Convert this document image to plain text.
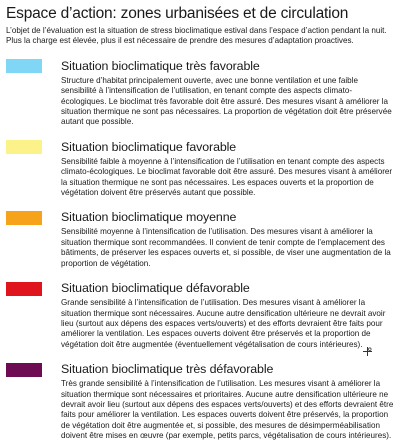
Espace d’action: zones urbanisées et de circulation
L’objet de l’évaluation est la situation de stress bioclimatique estival dans l’espace d’action pendant la nuit. Plus la charge est élevée, plus il est nécessaire de prendre des mesures d’adaptation proactives.
Situation bioclimatique très favorable
Structure d’habitat principalement ouverte, avec une bonne ventilation et une faible sensibilité à l’intensification de l’utilisation, en tenant compte des aspects climato-écologiques. Le bioclimat très favorable doit être assuré. Des mesures visant à améliorer la situation thermique ne sont pas nécessaires. La proportion de végétation doit être préservée autant que possible.
Situation bioclimatique favorable
Sensibilité faible à moyenne à l’intensification de l’utilisation en tenant compte des aspects climato-écologiques. Le bioclimat favorable doit être assuré. Des mesures visant à améliorer la situation thermique ne sont pas nécessaires. Les espaces ouverts et la proportion de végétation doivent être préservés autant que possible.
Situation bioclimatique moyenne
Sensibilité moyenne à l’intensification de l’utilisation. Des mesures visant à améliorer la situation thermique sont recommandées. Il convient de tenir compte de l’emplacement des bâtiments, de préserver les espaces ouverts et, si possible, de viser une augmentation de la proportion de végétation.
Situation bioclimatique défavorable
Grande sensibilité à l’intensification de l’utilisation. Des mesures visant à améliorer la situation thermique sont nécessaires. Aucune autre densification ultérieure ne devrait avoir lieu (surtout aux dépens des espaces verts/ouverts) et des efforts devraient être faits pour améliorer la ventilation. Les espaces ouverts doivent être préservés et la proportion de végétation doit être augmentée (éventuellement végétalisation de cours intérieures).
Situation bioclimatique très défavorable
Très grande sensibilité à l’intensification de l’utilisation. Les mesures visant à améliorer la situation thermique sont nécessaires et prioritaires. Aucune autre densification ultérieure ne devrait avoir lieu (surtout aux dépens des espaces verts/ouverts) et des efforts devraient être faits pour améliorer la ventilation. Les espaces ouverts doivent être préservés, la proportion de végétation doit être augmentée et, si possible, des mesures de désimperméabilisation doivent être mises en œuvre (par exemple, petits parcs, végétalisation de cours intérieures).
